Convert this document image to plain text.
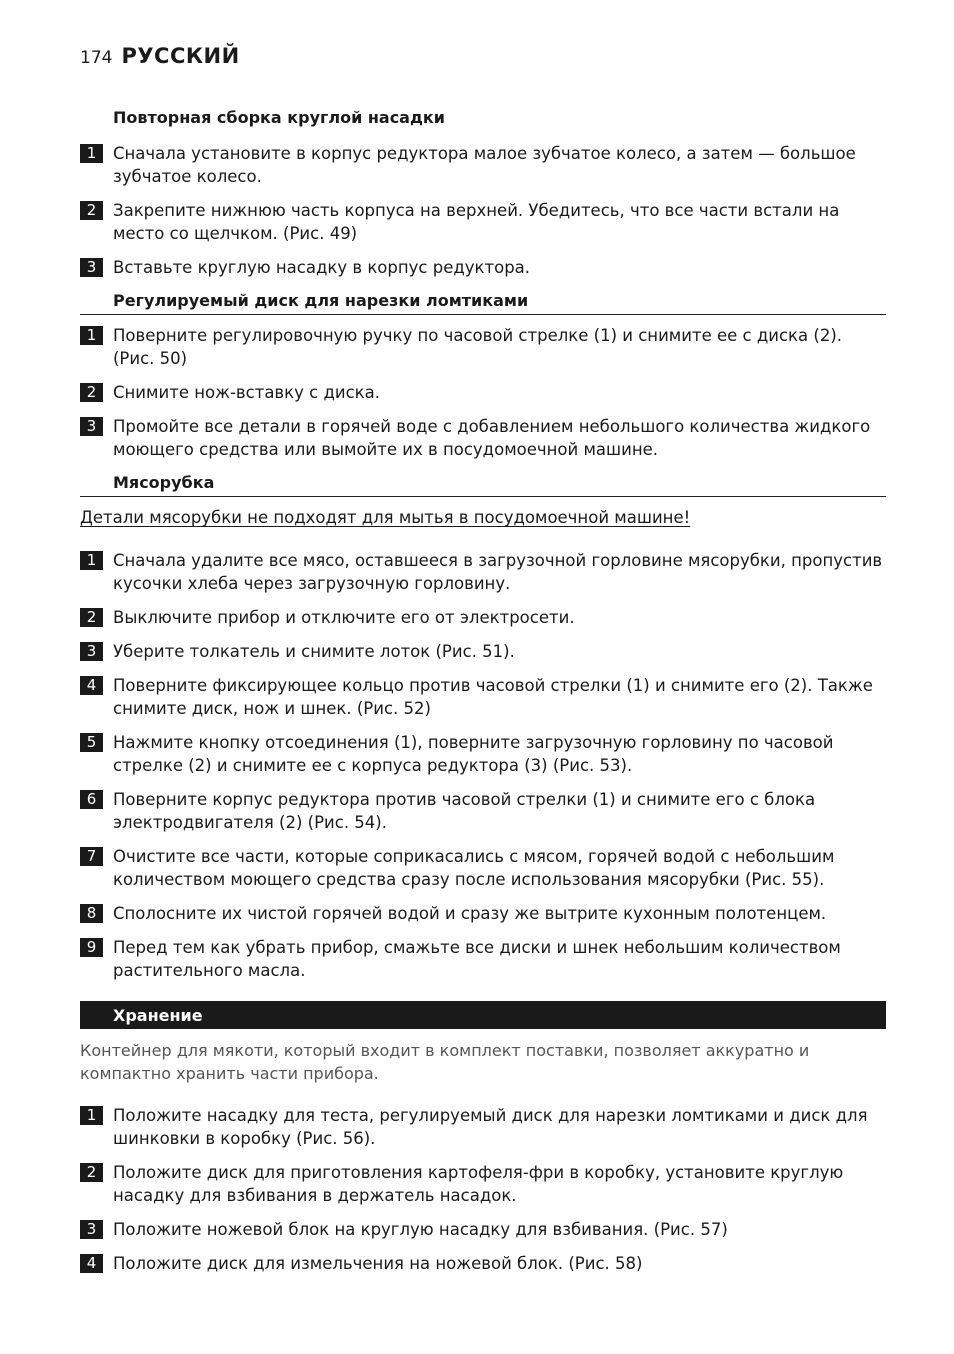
174 РУССКИЙ
Повторная сборка круглой насадки
1	Сначала установите в корпус редуктора малое зубчатое колесо, а затем — большое зубчатое колесо.
2	Закрепите нижнюю часть корпуса на верхней. Убедитесь, что все части встали на место со щелчком. (Рис. 49)
3	Вставьте круглую насадку в корпус редуктора.
Регулируемый диск для нарезки ломтиками
1	Поверните регулировочную ручку по часовой стрелке (1) и снимите ее с диска (2). (Рис. 50)
2	Снимите нож-вставку с диска.
3	Промойте все детали в горячей воде с добавлением небольшого количества жидкого моющего средства или вымойте их в посудомоечной машине.
Мясорубка
Детали мясорубки не подходят для мытья в посудомоечной машине!
1	Сначала удалите все мясо, оставшееся в загрузочной горловине мясорубки, пропустив кусочки хлеба через загрузочную горловину.
2	Выключите прибор и отключите его от электросети.
3	Уберите толкатель и снимите лоток (Рис. 51).
4	Поверните фиксирующее кольцо против часовой стрелки (1) и снимите его (2). Также снимите диск, нож и шнек. (Рис. 52)
5	Нажмите кнопку отсоединения (1), поверните загрузочную горловину по часовой стрелке (2) и снимите ее с корпуса редуктора (3) (Рис. 53).
6	Поверните корпус редуктора против часовой стрелки (1) и снимите его с блока электродвигателя (2) (Рис. 54).
7	Очистите все части, которые соприкасались с мясом, горячей водой с небольшим количеством моющего средства сразу после использования мясорубки (Рис. 55).
8	Сполосните их чистой горячей водой и сразу же вытрите кухонным полотенцем.
9	Перед тем как убрать прибор, смажьте все диски и шнек небольшим количеством растительного масла.
Хранение
Контейнер для мякоти, который входит в комплект поставки, позволяет аккуратно и компактно хранить части прибора.
1	Положите насадку для теста, регулируемый диск для нарезки ломтиками и диск для шинковки в коробку (Рис. 56).
2	Положите диск для приготовления картофеля-фри в коробку, установите круглую насадку для взбивания в держатель насадок.
3	Положите ножевой блок на круглую насадку для взбивания. (Рис. 57)
4	Положите диск для измельчения на ножевой блок. (Рис. 58)
